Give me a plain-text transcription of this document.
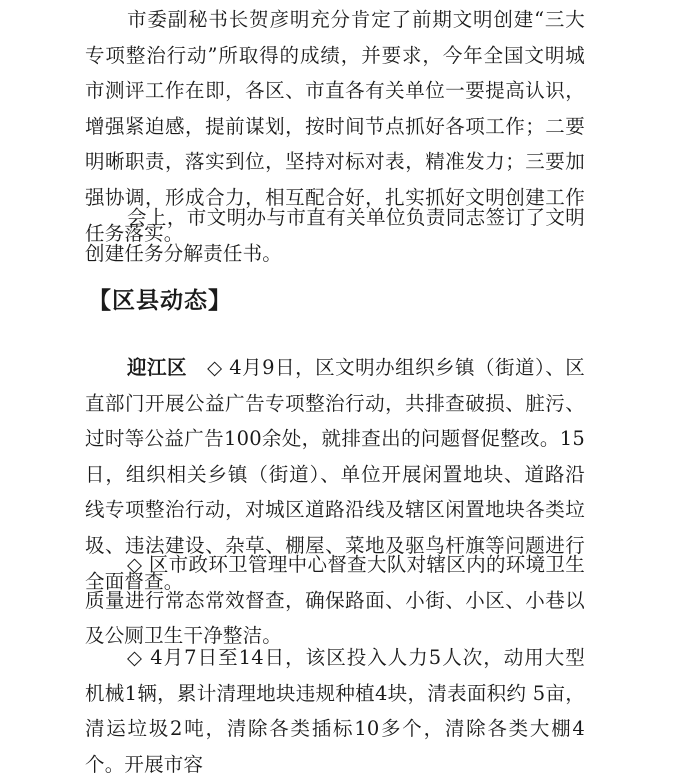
市委副秘书长贺彦明充分肯定了前期文明创建“三大专项整治行动”所取得的成绩，并要求，今年全国文明城市测评工作在即，各区、市直各有关单位一要提高认识，增强紧迫感，提前谋划，按时间节点抓好各项工作；二要明晰职责，落实到位，坚持对标对表，精准发力；三要加强协调，形成合力，相互配合好，扎实抓好文明创建工作任务落实。

会上，市文明办与市直有关单位负责同志签订了文明创建任务分解责任书。

【区县动态】

迎江区 ◇ 4月9日，区文明办组织乡镇（街道）、区直部门开展公益广告专项整治行动，共排查破损、脏污、过时等公益广告100余处，就排查出的问题督促整改。15日，组织相关乡镇（街道）、单位开展闲置地块、道路沿线专项整治行动，对城区道路沿线及辖区闲置地块各类垃圾、违法建设、杂草、棚屋、菜地及驱鸟杆旗等问题进行全面督查。

◇ 区市政环卫管理中心督查大队对辖区内的环境卫生质量进行常态常效督查，确保路面、小街、小区、小巷以及公厕卫生干净整洁。

◇ 4月7日至14日，该区投入人力5人次，动用大型机械1辆，累计清理地块违规种植4块，清表面积约 5亩，清运垃圾2吨，清除各类插标10多个，清除各类大棚4个。开展市容
